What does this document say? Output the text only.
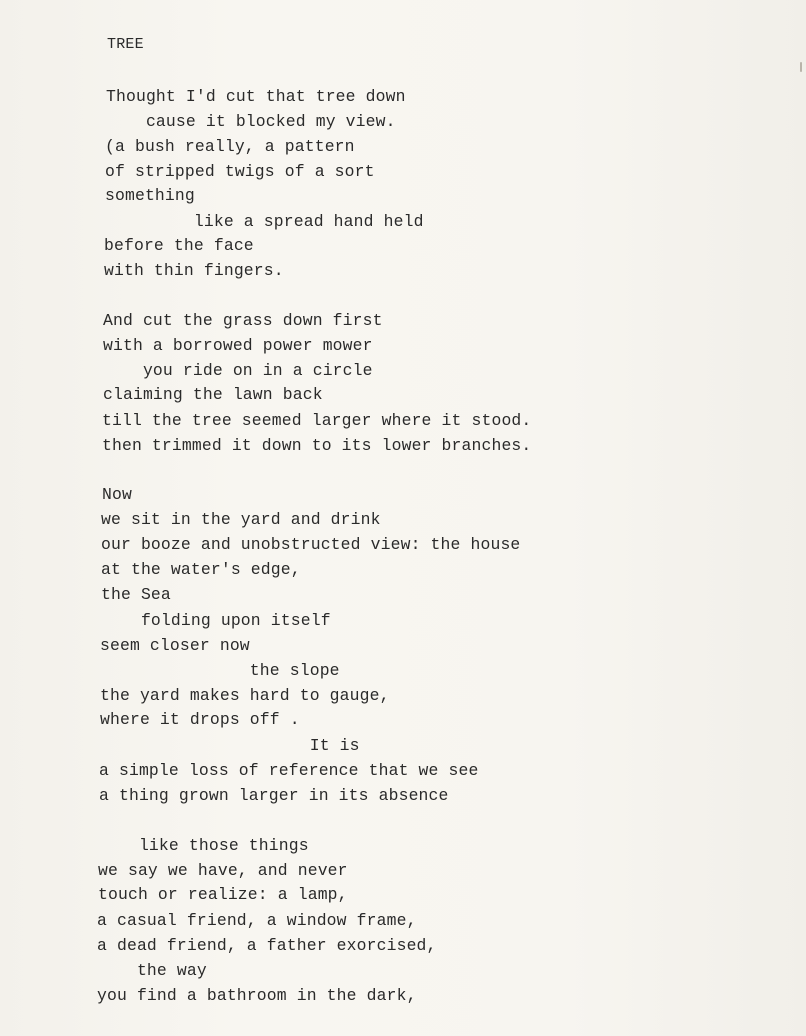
TREE
Thought I'd cut that tree down
cause it blocked my view.
(a bush really, a pattern
of stripped twigs of a sort
something
like a spread hand held
before the face
with thin fingers.
And cut the grass down first
with a borrowed power mower
you ride on in a circle
claiming the lawn back
till the tree seemed larger where it stood.
then trimmed it down to its lower branches.
Now
we sit in the yard and drink
our booze and unobstructed view: the house
at the water's edge,
the Sea
folding upon itself
seem closer now
the slope
the yard makes hard to gauge,
where it drops off .
It is
a simple loss of reference that we see
a thing grown larger in its absence
like those things
we say we have, and never
touch or realize: a lamp,
a casual friend, a window frame,
a dead friend, a father exorcised,
the way
you find a bathroom in the dark,
